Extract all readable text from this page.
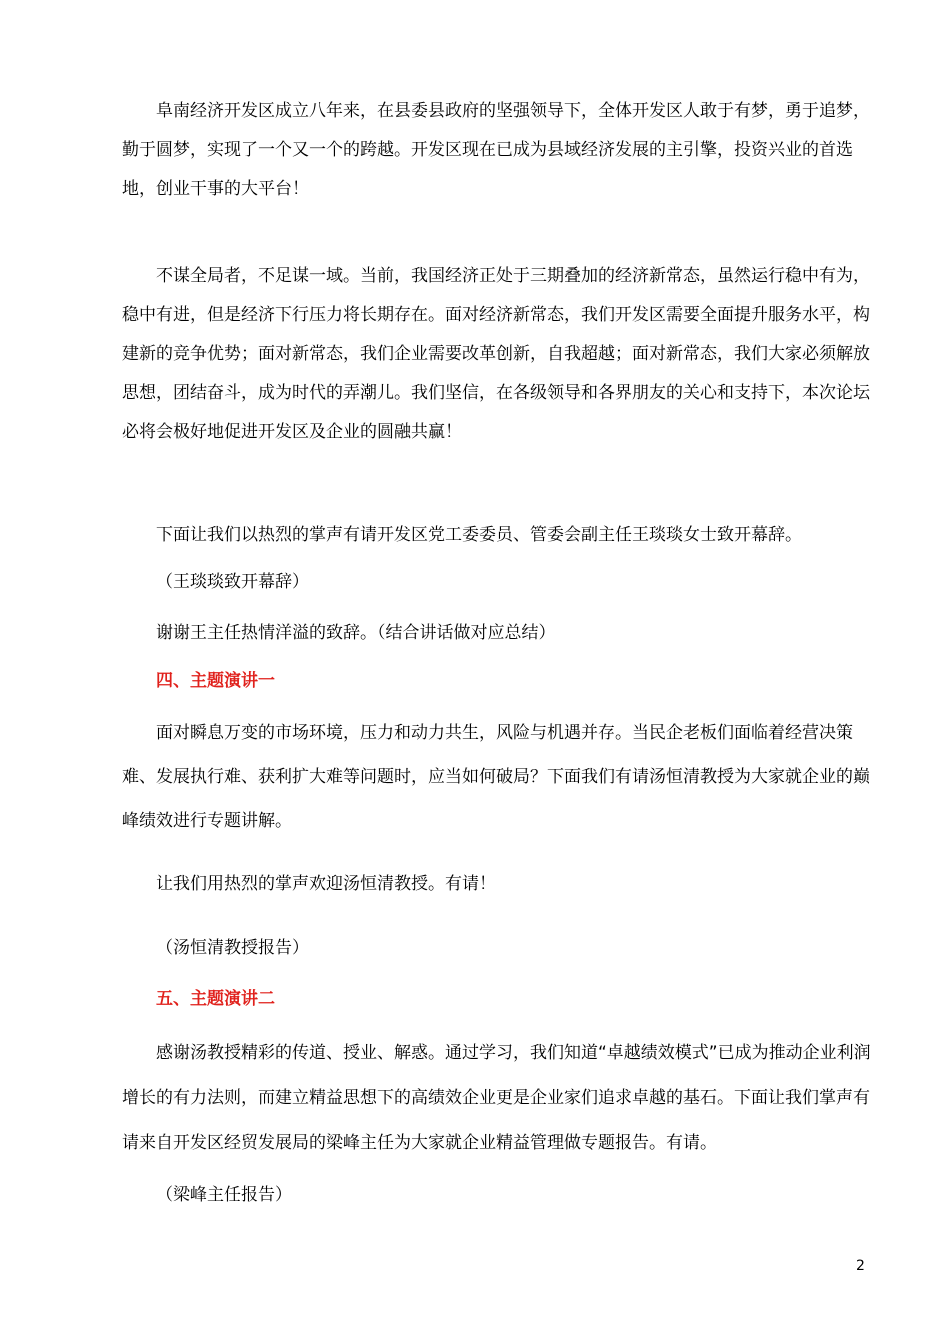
阜南经济开发区成立八年来，在县委县政府的坚强领导下，全体开发区人敢于有梦，勇于追梦，勤于圆梦，实现了一个又一个的跨越。开发区现在已成为县域经济发展的主引擎，投资兴业的首选地，创业干事的大平台！

不谋全局者，不足谋一域。当前，我国经济正处于三期叠加的经济新常态，虽然运行稳中有为，稳中有进，但是经济下行压力将长期存在。面对经济新常态，我们开发区需要全面提升服务水平，构建新的竞争优势；面对新常态，我们企业需要改革创新，自我超越；面对新常态，我们大家必须解放思想，团结奋斗，成为时代的弄潮儿。我们坚信，在各级领导和各界朋友的关心和支持下，本次论坛必将会极好地促进开发区及企业的圆融共赢！

下面让我们以热烈的掌声有请开发区党工委委员、管委会副主任王琰琰女士致开幕辞。

（王琰琰致开幕辞）

谢谢王主任热情洋溢的致辞。（结合讲话做对应总结）

四、主题演讲一

面对瞬息万变的市场环境，压力和动力共生，风险与机遇并存。当民企老板们面临着经营决策难、发展执行难、获利扩大难等问题时，应当如何破局？下面我们有请汤恒清教授为大家就企业的巅峰绩效进行专题讲解。

让我们用热烈的掌声欢迎汤恒清教授。有请！

（汤恒清教授报告）

五、主题演讲二

感谢汤教授精彩的传道、授业、解惑。通过学习，我们知道“卓越绩效模式”已成为推动企业利润增长的有力法则，而建立精益思想下的高绩效企业更是企业家们追求卓越的基石。下面让我们掌声有请来自开发区经贸发展局的梁峰主任为大家就企业精益管理做专题报告。有请。

（梁峰主任报告）

2
